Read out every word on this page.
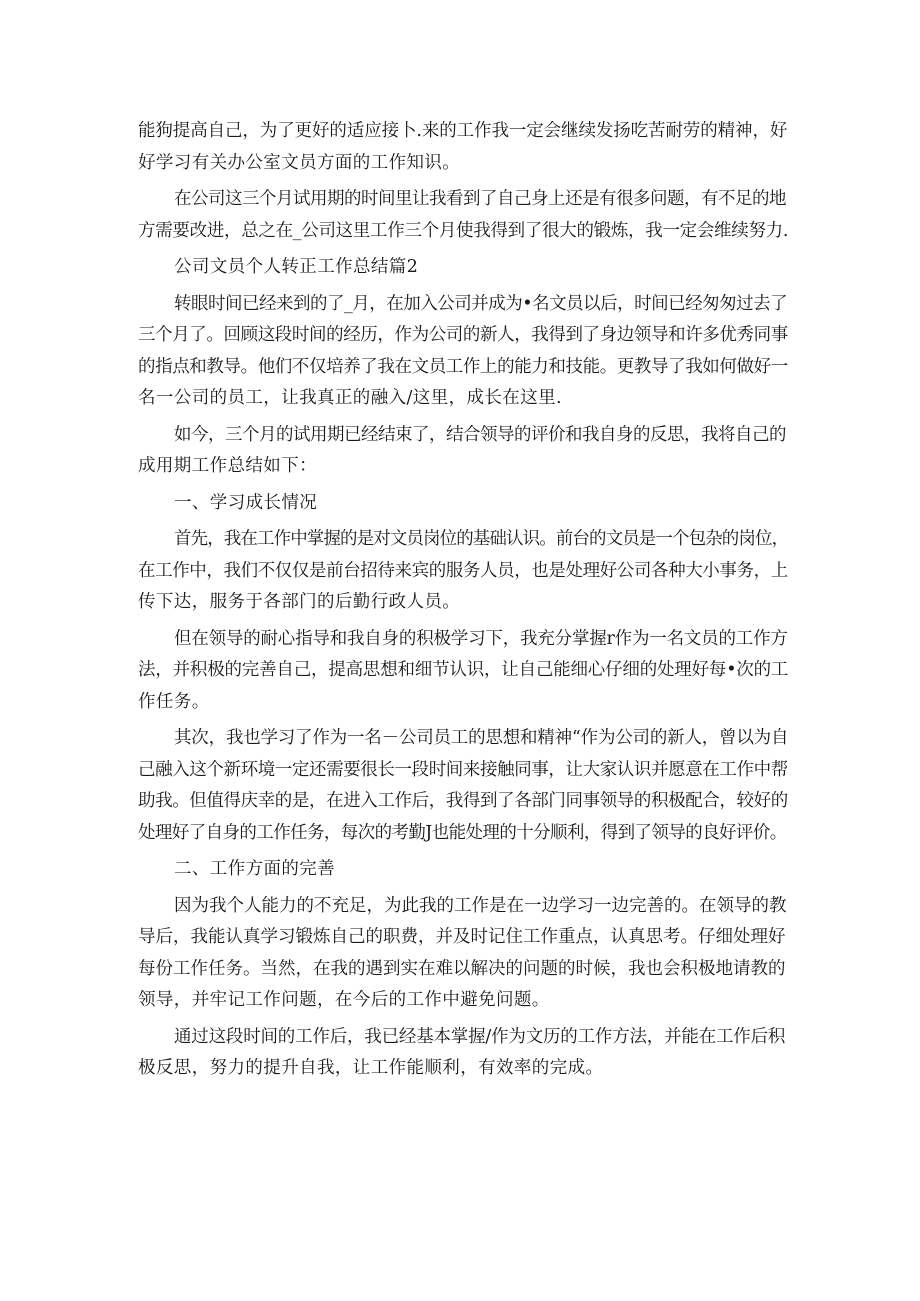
能狗提高自己，为了更好的适应接卜.来的工作我一定会继续发扬吃苦耐劳的精神，好
好学习有关办公室文员方面的工作知识。

在公司这三个月试用期的时间里让我看到了自己身上还是有很多问题，有不足的地
方需要改进，总之在_公司这里工作三个月使我得到了很大的锻炼，我一定会维续努力.

公司文员个人转正工作总结篇2

转眼时间已经来到的了_月，在加入公司并成为•名文员以后，时间已经匆匆过去了
三个月了。回顾这段时间的经历，作为公司的新人，我得到了身边领导和许多优秀同事
的指点和教导。他们不仅培养了我在文员工作上的能力和技能。更教导了我如何做好一
名一公司的员工，让我真正的融入/这里，成长在这里.

如今，三个月的试用期已经结束了，结合领导的评价和我自身的反思，我将自己的
成用期工作总结如下：

一、学习成长情况

首先，我在工作中掌握的是对文员岗位的基础认识。前台的文员是一个包杂的岗位，
在工作中，我们不仅仅是前台招待来宾的服务人员，也是处理好公司各种大小事务，上
传下达，服务于各部门的后勤行政人员。

但在领导的耐心指导和我自身的积极学习下，我充分掌握r作为一名文员的工作方
法，并积极的完善自己，提高思想和细节认识，让自己能细心仔细的处理好每•次的工
作任务。

其次，我也学习了作为一名－公司员工的思想和精神“作为公司的新人，曾以为自
己融入这个新环境一定还需要很长一段时间来接触同事，让大家认识并愿意在工作中帮
助我。但值得庆幸的是，在进入工作后，我得到了各部门同事领导的积极配合，较好的
处理好了自身的工作任务，每次的考勤J也能处理的十分顺利，得到了领导的良好评价。

二、工作方面的完善

因为我个人能力的不充足，为此我的工作是在一边学习一边完善的。在领导的教
导后，我能认真学习锻炼自己的职费，并及时记住工作重点，认真思考。仔细处理好
每份工作任务。当然，在我的遇到实在难以解决的问题的时候，我也会积极地请教的
领导，并牢记工作问题，在今后的工作中避免问题。

通过这段时间的工作后，我已经基本掌握/作为文历的工作方法，并能在工作后积
极反思，努力的提升自我，让工作能顺利，有效率的完成。
